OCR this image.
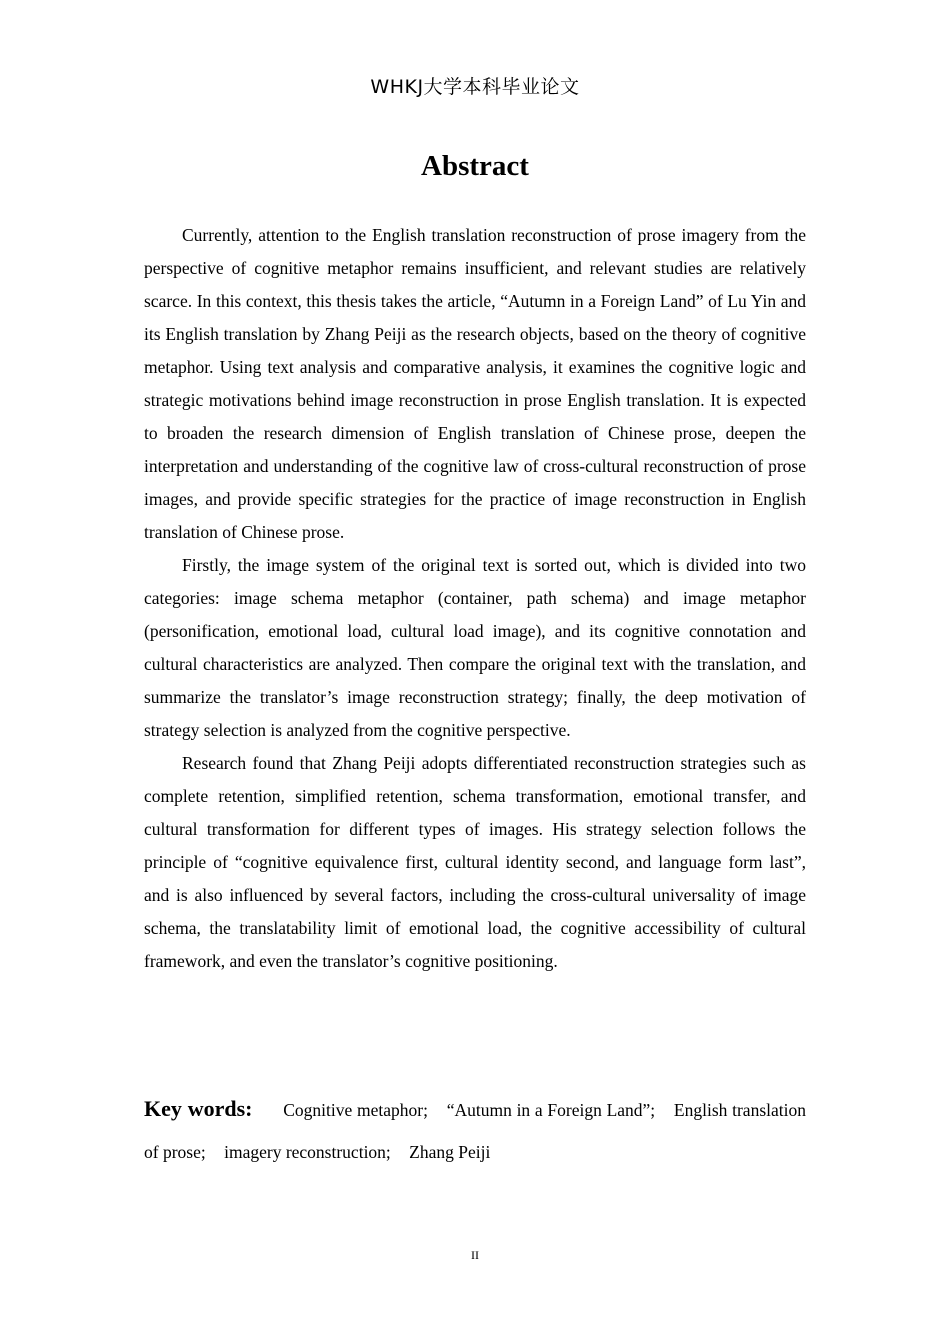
WHKJ大学本科毕业论文
Abstract

Currently, attention to the English translation reconstruction of prose imagery from the perspective of cognitive metaphor remains insufficient, and relevant studies are relatively scarce. In this context, this thesis takes the article, “Autumn in a Foreign Land” of Lu Yin and its English translation by Zhang Peiji as the research objects, based on the theory of cognitive metaphor. Using text analysis and comparative analysis, it examines the cognitive logic and strategic motivations behind image reconstruction in prose English translation. It is expected to broaden the research dimension of English translation of Chinese prose, deepen the interpretation and understanding of the cognitive law of cross-cultural reconstruction of prose images, and provide specific strategies for the practice of image reconstruction in English translation of Chinese prose.

Firstly, the image system of the original text is sorted out, which is divided into two categories: image schema metaphor (container, path schema) and image metaphor (personification, emotional load, cultural load image), and its cognitive connotation and cultural characteristics are analyzed. Then compare the original text with the translation, and summarize the translator’s image reconstruction strategy; finally, the deep motivation of strategy selection is analyzed from the cognitive perspective.

Research found that Zhang Peiji adopts differentiated reconstruction strategies such as complete retention, simplified retention, schema transformation, emotional transfer, and cultural transformation for different types of images. His strategy selection follows the principle of “cognitive equivalence first, cultural identity second, and language form last”, and is also influenced by several factors, including the cross-cultural universality of image schema, the translatability limit of emotional load, the cognitive accessibility of cultural framework, and even the translator’s cognitive positioning.

Key words: Cognitive metaphor; “Autumn in a Foreign Land”; English translation of prose; imagery reconstruction; Zhang Peiji
II
